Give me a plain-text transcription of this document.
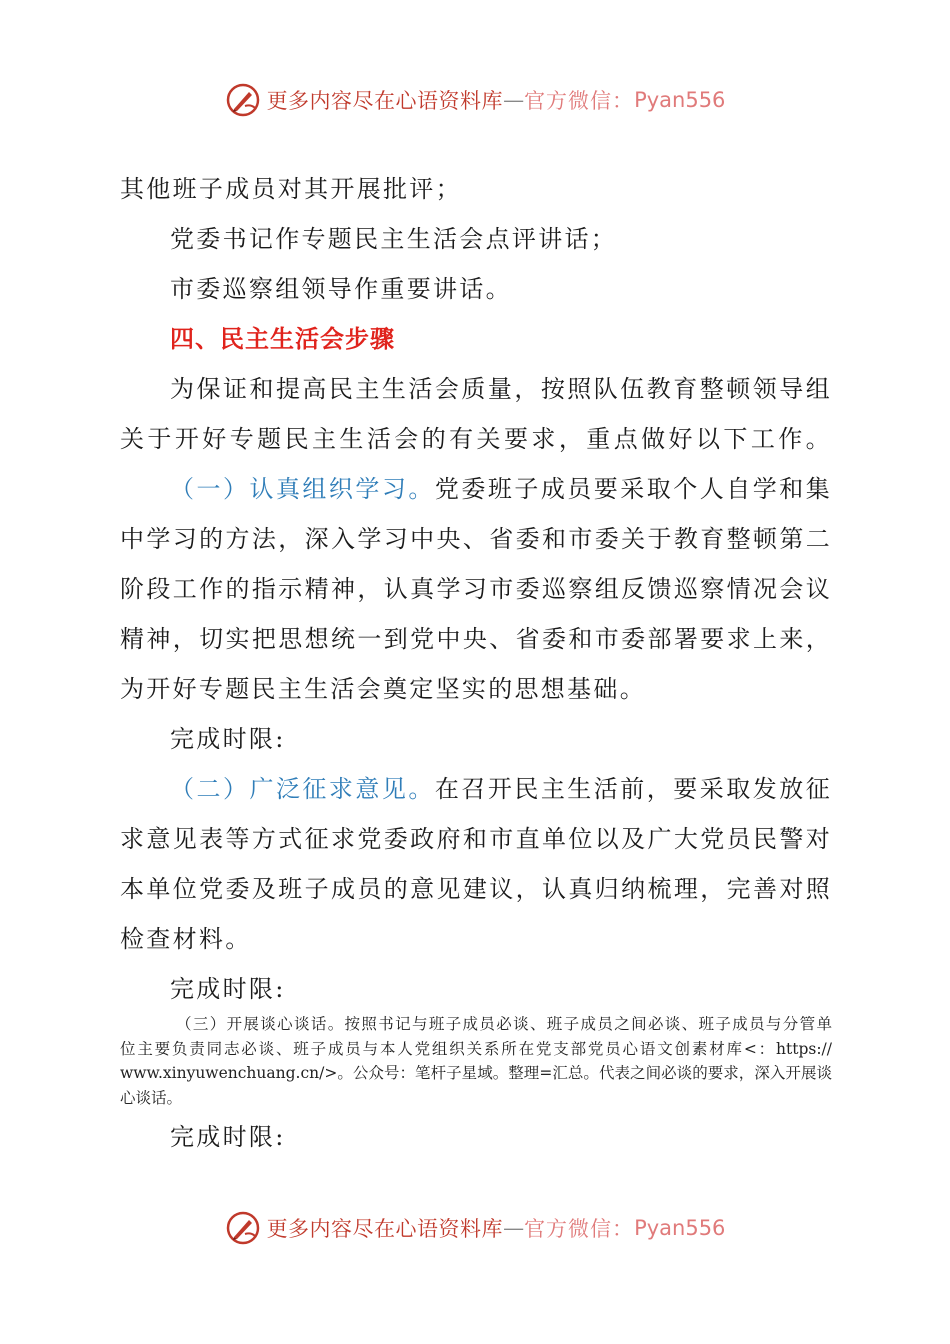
更多内容尽在心语资料库 — 官方微信： Pyan556
其他班子成员对其开展批评；
党委书记作专题民主生活会点评讲话；
市委巡察组领导作重要讲话。
四、民主生活会步骤
为保证和提高民主生活会质量，按照队伍教育整顿领导组
关于开好专题民主生活会的有关要求，重点做好以下工作。
（一）认真组织学习。党委班子成员要采取个人自学和集
中学习的方法，深入学习中央、省委和市委关于教育整顿第二
阶段工作的指示精神，认真学习市委巡察组反馈巡察情况会议
精神，切实把思想统一到党中央、省委和市委部署要求上来，
为开好专题民主生活会奠定坚实的思想基础。
完成时限:
（二）广泛征求意见。在召开民主生活前，要采取发放征
求意见表等方式征求党委政府和市直单位以及广大党员民警对
本单位党委及班子成员的意见建议，认真归纳梳理，完善对照
检查材料。
完成时限:
（三）开展谈心谈话。按照书记与班子成员必谈、班子成员之间必谈、班子成员与分管单
位主要负责同志必谈、班子成员与本人党组织关系所在党支部党员心语文创素材库<：https://
www.xinyuwenchuang.cn/>。公众号：笔杆子星域。整理=汇总。代表之间必谈的要求，深入开展谈
心谈话。
完成时限:
更多内容尽在心语资料库 — 官方微信： Pyan556
